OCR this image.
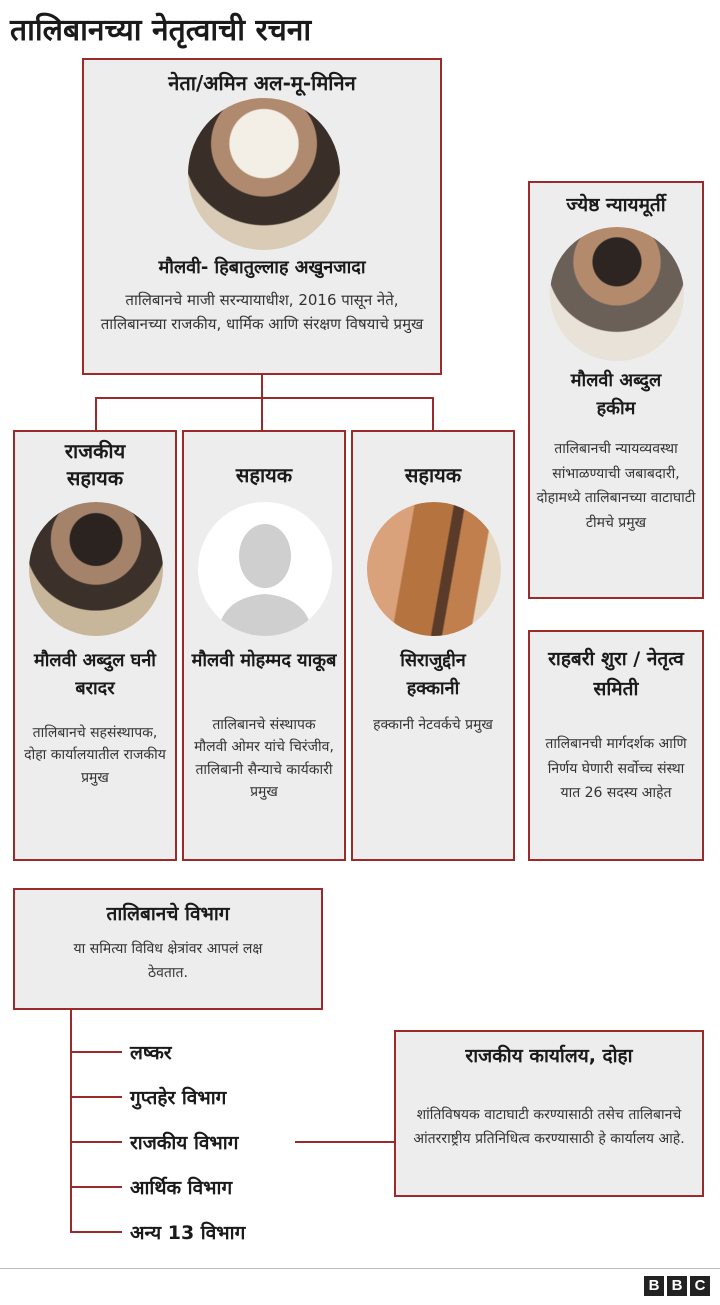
तालिबानच्या नेतृत्वाची रचना
नेता/अमिन अल-मू-मिनिन
मौलवी- हिबातुल्लाह अखुनजादा
तालिबानचे माजी सरन्यायाधीश, 2016 पासून नेते, तालिबानच्या राजकीय, धार्मिक आणि संरक्षण विषयाचे प्रमुख
राजकीय सहायक
मौलवी अब्दुल घनी बरादर
तालिबानचे सहसंस्थापक, दोहा कार्यालयातील राजकीय प्रमुख
सहायक
मौलवी मोहम्मद याकूब
तालिबानचे संस्थापक मौलवी ओमर यांचे चिरंजीव, तालिबानी सैन्याचे कार्यकारी प्रमुख
सहायक
सिराजुद्दीन हक्कानी
हक्कानी नेटवर्कचे प्रमुख
ज्येष्ठ न्यायमूर्ती
मौलवी अब्दुल हकीम
तालिबानची न्यायव्यवस्था सांभाळण्याची जबाबदारी, दोहामध्ये तालिबानच्या वाटाघाटी टीमचे प्रमुख
राहबरी शुरा / नेतृत्व समिती
तालिबानची मार्गदर्शक आणि निर्णय घेणारी सर्वोच्च संस्था यात 26 सदस्य आहेत
तालिबानचे विभाग
या समित्या विविध क्षेत्रांवर आपलं लक्ष ठेवतात.
लष्कर
गुप्तहेर विभाग
राजकीय विभाग
आर्थिक विभाग
अन्य 13 विभाग
राजकीय कार्यालय, दोहा
शांतिविषयक वाटाघाटी करण्यासाठी तसेच तालिबानचे आंतरराष्ट्रीय प्रतिनिधित्व करण्यासाठी हे कार्यालय आहे.
B B C
